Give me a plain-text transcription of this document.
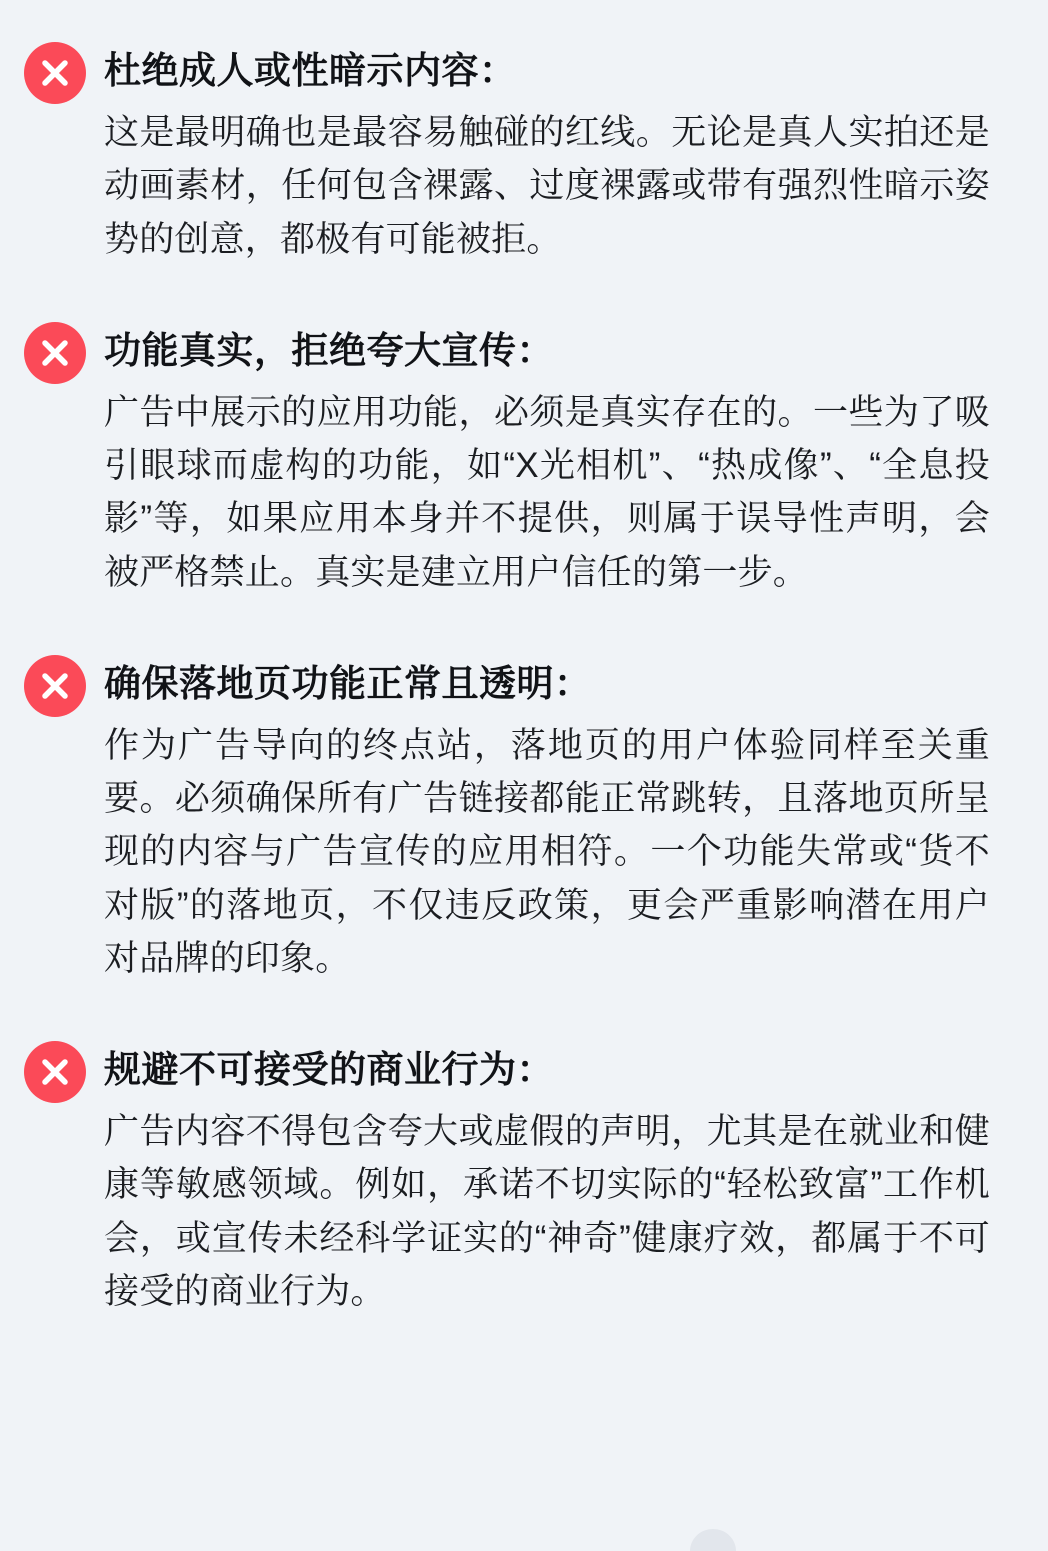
杜绝成人或性暗示内容：
这是最明确也是最容易触碰的红线。无论是真人实拍还是动画素材，任何包含裸露、过度裸露或带有强烈性暗示姿势的创意，都极有可能被拒。
功能真实，拒绝夸大宣传：
广告中展示的应用功能，必须是真实存在的。一些为了吸引眼球而虚构的功能，如“X光相机”、“热成像”、“全息投影”等，如果应用本身并不提供，则属于误导性声明，会被严格禁止。真实是建立用户信任的第一步。
确保落地页功能正常且透明：
作为广告导向的终点站，落地页的用户体验同样至关重要。必须确保所有广告链接都能正常跳转，且落地页所呈现的内容与广告宣传的应用相符。一个功能失常或“货不对版”的落地页，不仅违反政策，更会严重影响潜在用户对品牌的印象。
规避不可接受的商业行为：
广告内容不得包含夸大或虚假的声明，尤其是在就业和健康等敏感领域。例如，承诺不切实际的“轻松致富”工作机会，或宣传未经科学证实的“神奇”健康疗效，都属于不可接受的商业行为。
